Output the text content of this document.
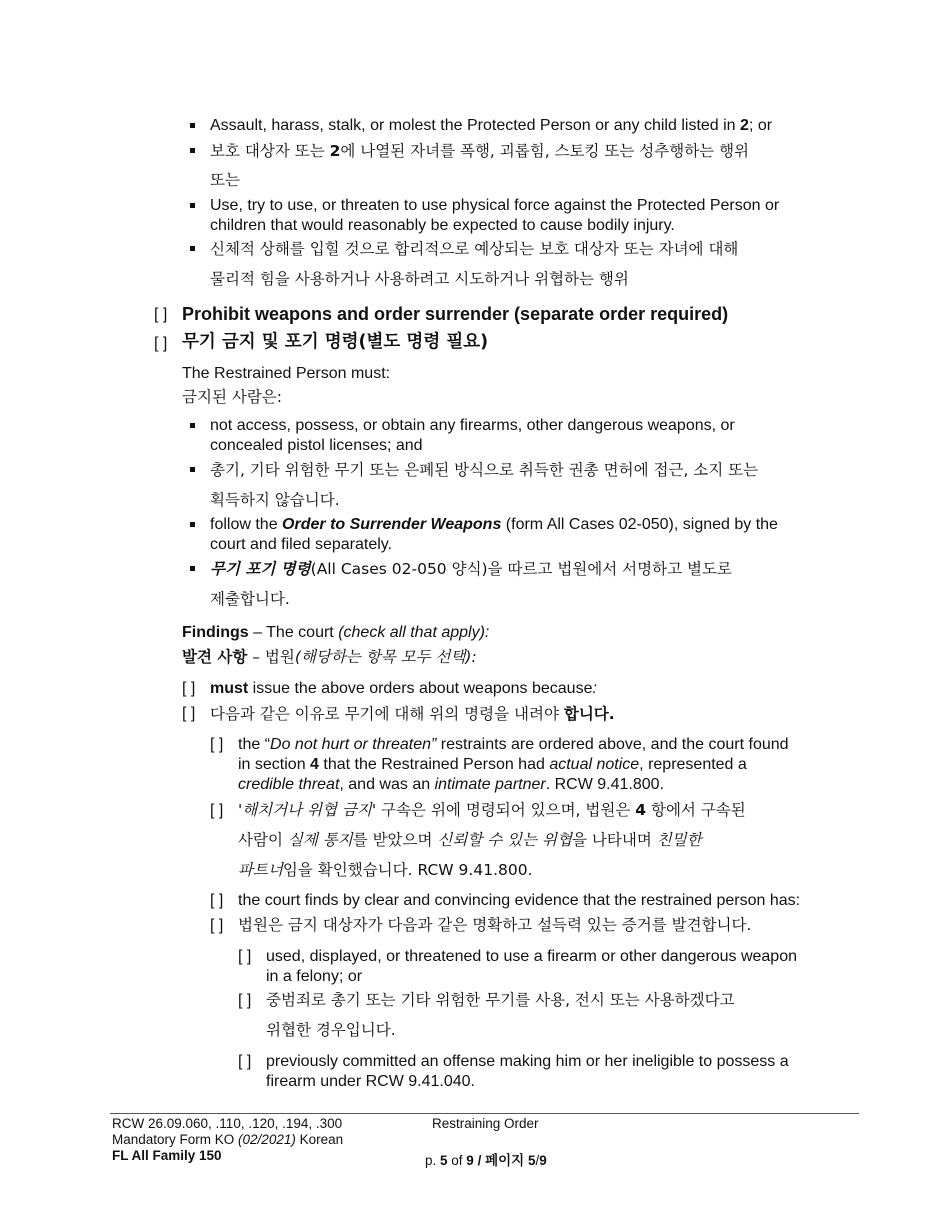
Assault, harass, stalk, or molest the Protected Person or any child listed in 2; or
보호 대상자 또는 2에 나열된 자녀를 폭행, 괴롭힘, 스토킹 또는 성추행하는 행위
또는
Use, try to use, or threaten to use physical force against the Protected Person or
children that would reasonably be expected to cause bodily injury.
신체적 상해를 입힐 것으로 합리적으로 예상되는 보호 대상자 또는 자녀에 대해
물리적 힘을 사용하거나 사용하려고 시도하거나 위협하는 행위
[ ] Prohibit weapons and order surrender (separate order required)
[ ] 무기 금지 및 포기 명령(별도 명령 필요)
The Restrained Person must:
금지된 사람은:
not access, possess, or obtain any firearms, other dangerous weapons, or
concealed pistol licenses; and
총기, 기타 위험한 무기 또는 은폐된 방식으로 취득한 권총 면허에 접근, 소지 또는
획득하지 않습니다.
follow the Order to Surrender Weapons (form All Cases 02-050), signed by the
court and filed separately.
무기 포기 명령(All Cases 02-050 양식)을 따르고 법원에서 서명하고 별도로
제출합니다.
Findings – The court (check all that apply):
발견 사항 – 법원(해당하는 항목 모두 선택):
[ ] must issue the above orders about weapons because:
[ ] 다음과 같은 이유로 무기에 대해 위의 명령을 내려야 합니다.
[ ] the “Do not hurt or threaten” restraints are ordered above, and the court found
in section 4 that the Restrained Person had actual notice, represented a
credible threat, and was an intimate partner. RCW 9.41.800.
[ ] '해치거나 위협 금지' 구속은 위에 명령되어 있으며, 법원은 4 항에서 구속된
사람이 실제 통지를 받았으며 신뢰할 수 있는 위협을 나타내며 친밀한
파트너임을 확인했습니다. RCW 9.41.800.
[ ] the court finds by clear and convincing evidence that the restrained person has:
[ ] 법원은 금지 대상자가 다음과 같은 명확하고 설득력 있는 증거를 발견합니다.
[ ] used, displayed, or threatened to use a firearm or other dangerous weapon
in a felony; or
[ ] 중범죄로 총기 또는 기타 위험한 무기를 사용, 전시 또는 사용하겠다고
위협한 경우입니다.
[ ] previously committed an offense making him or her ineligible to possess a
firearm under RCW 9.41.040.
RCW 26.09.060, .110, .120, .194, .300
Mandatory Form KO (02/2021) Korean
FL All Family 150
Restraining Order
p. 5 of 9 / 페이지 5/9
